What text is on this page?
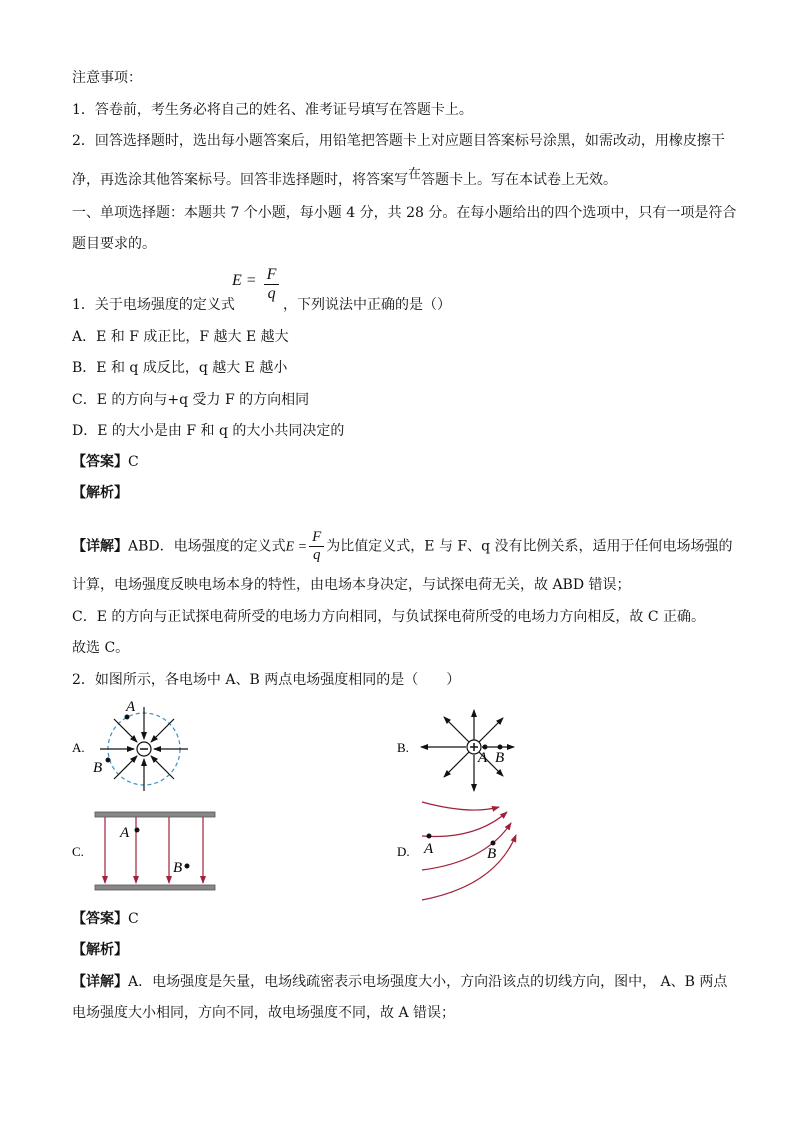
注意事项：
1．答卷前，考生务必将自己的姓名、准考证号填写在答题卡上。
2．回答选择题时，选出每小题答案后，用铅笔把答题卡上对应题目答案标号涂黑，如需改动，用橡皮擦干
净，再选涂其他答案标号。回答非选择题时，将答案写在答题卡上。写在本试卷上无效。
一、单项选择题：本题共 7 个小题，每小题 4 分，共 28 分。在每小题给出的四个选项中，只有一项是符合
题目要求的。
$E = \frac{F}{q}$
1．关于电场强度的定义式	，下列说法中正确的是（）
A．E 和 F 成正比，F 越大 E 越大
B．E 和 q 成反比，q 越大 E 越小
C．E 的方向与+q 受力 F 的方向相同
D．E 的大小是由 F 和 q 的大小共同决定的
【答案】C
【解析】
【详解】ABD．电场强度的定义式$E = \frac{F}{q}$ 为比值定义式，E 与 F、q 没有比例关系，适用于任何电场场强的
计算，电场强度反映电场本身的特性，由电场本身决定，与试探电荷无关，故 ABD 错误；
C．E 的方向与正试探电荷所受的电场力方向相同，与负试探电荷所受的电场力方向相反，故 C 正确。
故选 C。
2．如图所示，各电场中 A、B 两点电场强度相同的是（　　）
A.
A
B
B.
A B
C.
A
B
D. A	B
【答案】C
【解析】
【详解】A．电场强度是矢量，电场线疏密表示电场强度大小，方向沿该点的切线方向，图中， A、B 两点
电场强度大小相同，方向不同，故电场强度不同，故 A 错误；
